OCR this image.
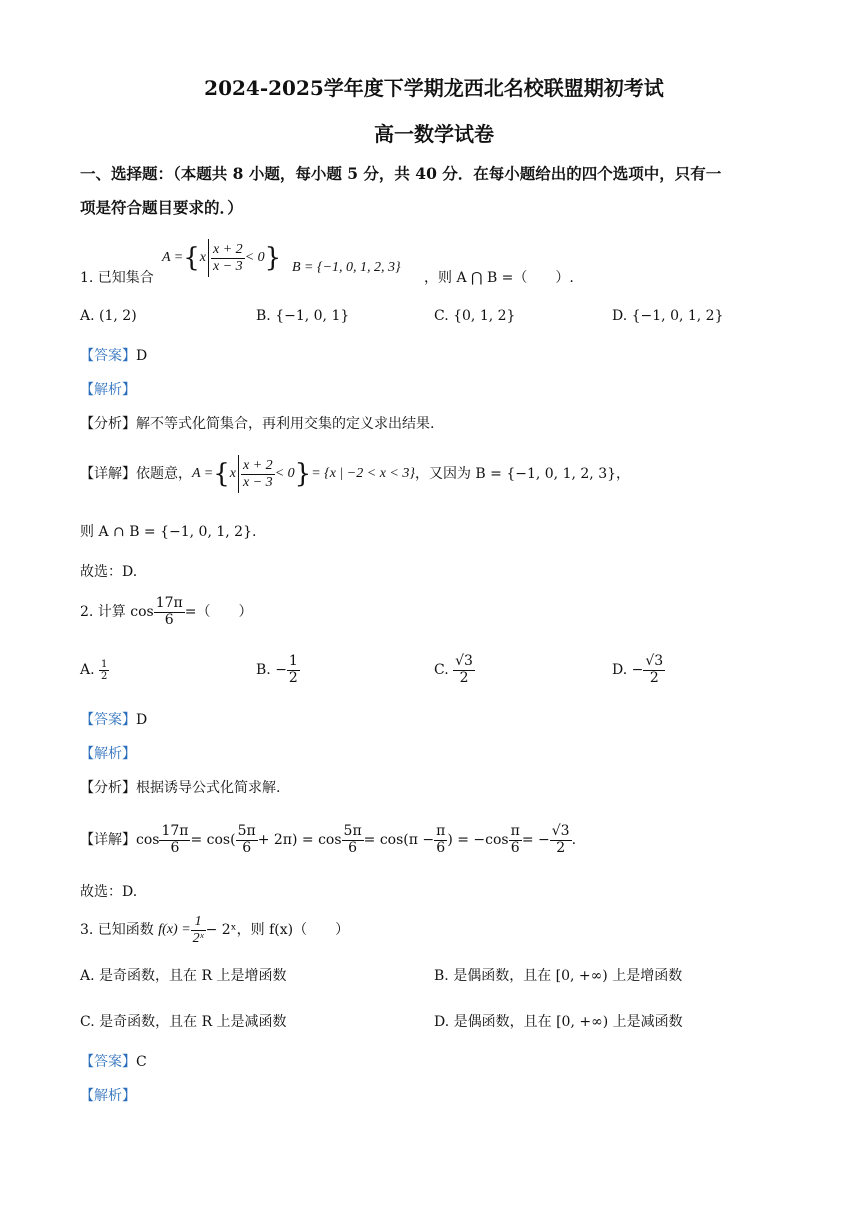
2024-2025学年度下学期龙西北名校联盟期初考试
高一数学试卷
一、选择题：（本题共 8 小题，每小题 5 分，共 40 分．在每小题给出的四个选项中，只有一
项是符合题目要求的．）
1. 已知集合
A = { x $\frac{x + 2}{x - 3} < 0$ } B = {−1, 0, 1, 2, 3}
，则 A ⋂ B =（　　）.
A. (1, 2)	B. {−1, 0, 1}	C. {0, 1, 2}	D. {−1, 0, 1, 2}
【答案】D
【解析】
【分析】解不等式化简集合，再利用交集的定义求出结果.
【详解】 依题意， A = { x $\frac{x + 2}{x - 3} < 0$ } = {x | −2 < x < 3} ，又因为 B = {−1, 0, 1, 2, 3}，
则 A ∩ B = {−1, 0, 1, 2}.
故选：D.
2. 计算 $\cos \frac{17\pi}{6}$ =（　　）
A.
$\frac{1}{2}$	B. − $\frac{1}{2}$	C.
$\frac{√3}{2}$	D. − $\frac{√3}{2}$
【答案】D
【解析】
【分析】根据诱导公式化简求解.
【详解】 $\cos \frac{17\pi}{6} = \cos( \frac{5\pi}{6} + 2\pi) = \cos \frac{5\pi}{6} = \cos(\pi - \frac{\pi}{6}$ ) = $-\cos \frac{\pi}{6}$ = − $\frac{√3}{2}$ .
故选：D.
3. 已知函数
$f(x) = \frac{1}{\text{2ˣ}}$ − 2ˣ，则 f(x)（　　）
A. 是奇函数，且在 R 上是增函数	B. 是偶函数，且在 [0, +∞) 上是增函数
C. 是奇函数，且在 R 上是减函数	D. 是偶函数，且在 [0, +∞) 上是减函数
【答案】C
【解析】
